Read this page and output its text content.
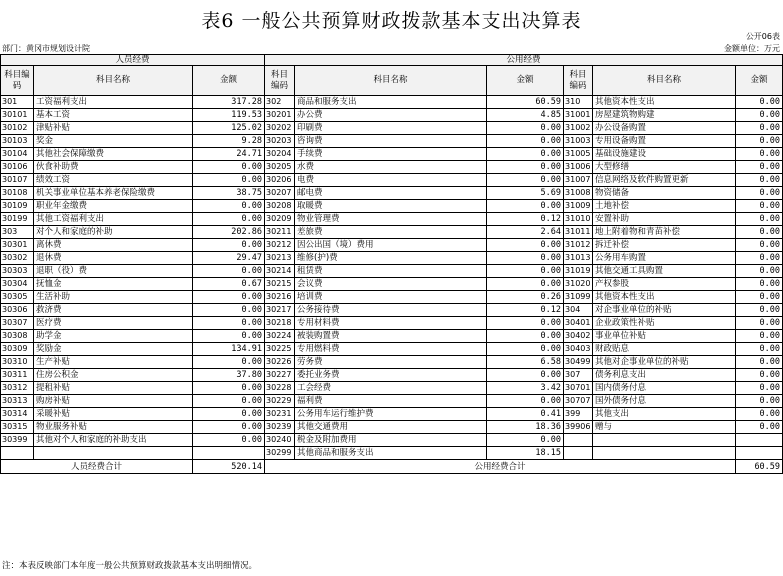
表6 一般公共预算财政拨款基本支出决算表
公开06表
部门：黄冈市规划设计院	金额单位：万元
人员经费			公用经费					
科目编码	科目名称	金额	科目编码	科目名称	金额	科目编码	科目名称	金额
301	工资福利支出	317.28	302	商品和服务支出	60.59	310	其他资本性支出	0.00
30101	基本工资	119.53	30201	办公费	4.85	31001	房屋建筑物购建	0.00
30102	津贴补贴	125.02	30202	印刷费	0.00	31002	办公设备购置	0.00
30103	奖金	9.28	30203	咨询费	0.00	31003	专用设备购置	0.00
30104	其他社会保障缴费	24.71	30204	手续费	0.00	31005	基础设施建设	0.00
30106	伙食补助费	0.00	30205	水费	0.00	31006	大型修缮	0.00
30107	绩效工资	0.00	30206	电费	0.00	31007	信息网络及软件购置更新	0.00
30108	机关事业单位基本养老保险缴费	38.75	30207	邮电费	5.69	31008	物资储备	0.00
30109	职业年金缴费	0.00	30208	取暖费	0.00	31009	土地补偿	0.00
30199	其他工资福利支出	0.00	30209	物业管理费	0.12	31010	安置补助	0.00
303	对个人和家庭的补助	202.86	30211	差旅费	2.64	31011	地上附着物和青苗补偿	0.00
30301	离休费	0.00	30212	因公出国（境）费用	0.00	31012	拆迁补偿	0.00
30302	退休费	29.47	30213	维修(护)费	0.00	31013	公务用车购置	0.00
30303	退职（役）费	0.00	30214	租赁费	0.00	31019	其他交通工具购置	0.00
30304	抚恤金	0.67	30215	会议费	0.00	31020	产权参股	0.00
30305	生活补助	0.00	30216	培训费	0.26	31099	其他资本性支出	0.00
30306	救济费	0.00	30217	公务接待费	0.12	304	对企事业单位的补贴	0.00
30307	医疗费	0.00	30218	专用材料费	0.00	30401	企业政策性补贴	0.00
30308	助学金	0.00	30224	被装购置费	0.00	30402	事业单位补贴	0.00
30309	奖励金	134.91	30225	专用燃料费	0.00	30403	财政贴息	0.00
30310	生产补贴	0.00	30226	劳务费	6.58	30499	其他对企事业单位的补贴	0.00
30311	住房公积金	37.80	30227	委托业务费	0.00	307	债务利息支出	0.00
30312	提租补贴	0.00	30228	工会经费	3.42	30701	国内债务付息	0.00
30313	购房补贴	0.00	30229	福利费	0.00	30707	国外债务付息	0.00
30314	采暖补贴	0.00	30231	公务用车运行维护费	0.41	399	其他支出	0.00
30315	物业服务补贴	0.00	30239	其他交通费用	18.36	39906	赠与	0.00
30399	其他对个人和家庭的补助支出	0.00	30240	税金及附加费用	0.00			
			30299	其他商品和服务支出	18.15			
人员经费合计		520.14	公用经费合计					60.59
注：本表反映部门本年度一般公共预算财政拨款基本支出明细情况。
